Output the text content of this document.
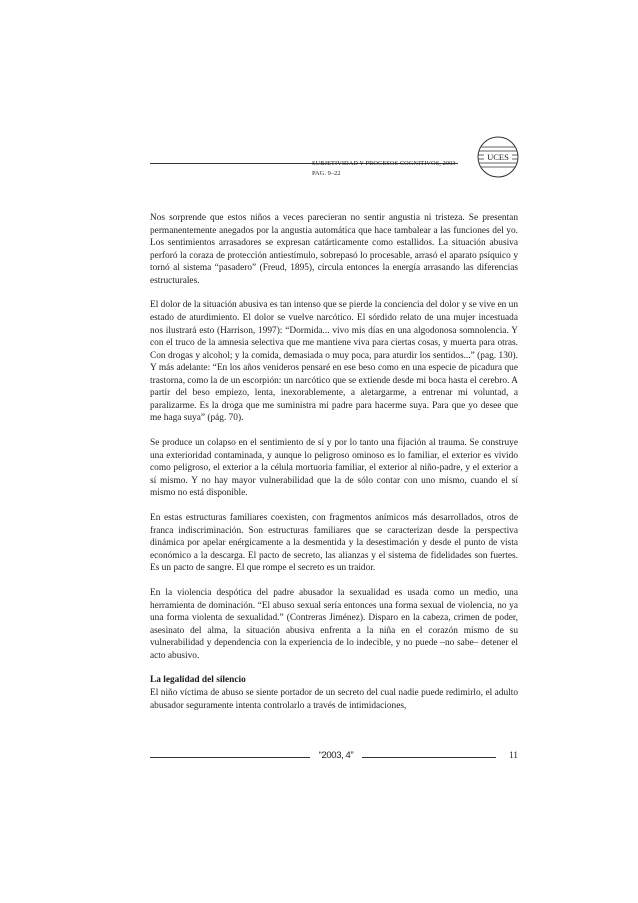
SUBJETIVIDAD Y PROCESOS COGNITIVOS, 2003
PAG. 9–22
UCES

Nos sorprende que estos niños a veces parecieran no sentir angustia ni tristeza. Se presentan permanentemente anegados por la angustia automática que hace tambalear a las funciones del yo. Los sentimientos arrasadores se expresan catárticamente como estallidos. La situación abusiva perforó la coraza de protección antiestímulo, sobrepasó lo procesable, arrasó el aparato psíquico y tornó al sistema “pasadero” (Freud, 1895), circula entonces la energía arrasando las diferencias estructurales.

El dolor de la situación abusiva es tan intenso que se pierde la conciencia del dolor y se vive en un estado de aturdimiento. El dolor se vuelve narcótico. El sórdido relato de una mujer incestuada nos ilustrará esto (Harrison, 1997): “Dormida... vivo mis días en una algodonosa somnolencia. Y con el truco de la amnesia selectiva que me mantiene viva para ciertas cosas, y muerta para otras. Con drogas y alcohol; y la comida, demasiada o muy poca, para aturdir los sentidos...” (pag. 130). Y más adelante: “En los años venideros pensaré en ese beso como en una especie de picadura que trastorna, como la de un escorpión: un narcótico que se extiende desde mi boca hasta el cerebro. A partir del beso empiezo, lenta, inexorablemente, a aletargarme, a entrenar mi voluntad, a paralizarme. Es la droga que me suministra mi padre para hacerme suya. Para que yo desee que me haga suya” (pág. 70).

Se produce un colapso en el sentimiento de sí y por lo tanto una fijación al trauma. Se construye una exterioridad contaminada, y aunque lo peligroso ominoso es lo familiar, el exterior es vivido como peligroso, el exterior a la célula mortuoria familiar, el exterior al niño-padre, y el exterior a sí mismo. Y no hay mayor vulnerabilidad que la de sólo contar con uno mismo, cuando el sí mismo no está disponible.

En estas estructuras familiares coexisten, con fragmentos anímicos más desarrollados, otros de franca indiscriminación. Son estructuras familiares que se caracterizan desde la perspectiva dinámica por apelar enérgicamente a la desmentida y la desestimación y desde el punto de vista económico a la descarga. El pacto de secreto, las alianzas y el sistema de fidelidades son fuertes. Es un pacto de sangre. El que rompe el secreto es un traidor.

En la violencia despótica del padre abusador la sexualidad es usada como un medio, una herramienta de dominación. “El abuso sexual sería entonces una forma sexual de violencia, no ya una forma violenta de sexualidad.” (Contreras Jiménez). Disparo en la cabeza, crimen de poder, asesinato del alma, la situación abusiva enfrenta a la niña en el corazón mismo de su vulnerabilidad y dependencia con la experiencia de lo indecible, y no puede –no sabe– detener el acto abusivo.

La legalidad del silencio

El niño víctima de abuso se siente portador de un secreto del cual nadie puede redimirlo, el adulto abusador seguramente intenta controlarlo a través de intimidaciones,

“2003, 4”	11
